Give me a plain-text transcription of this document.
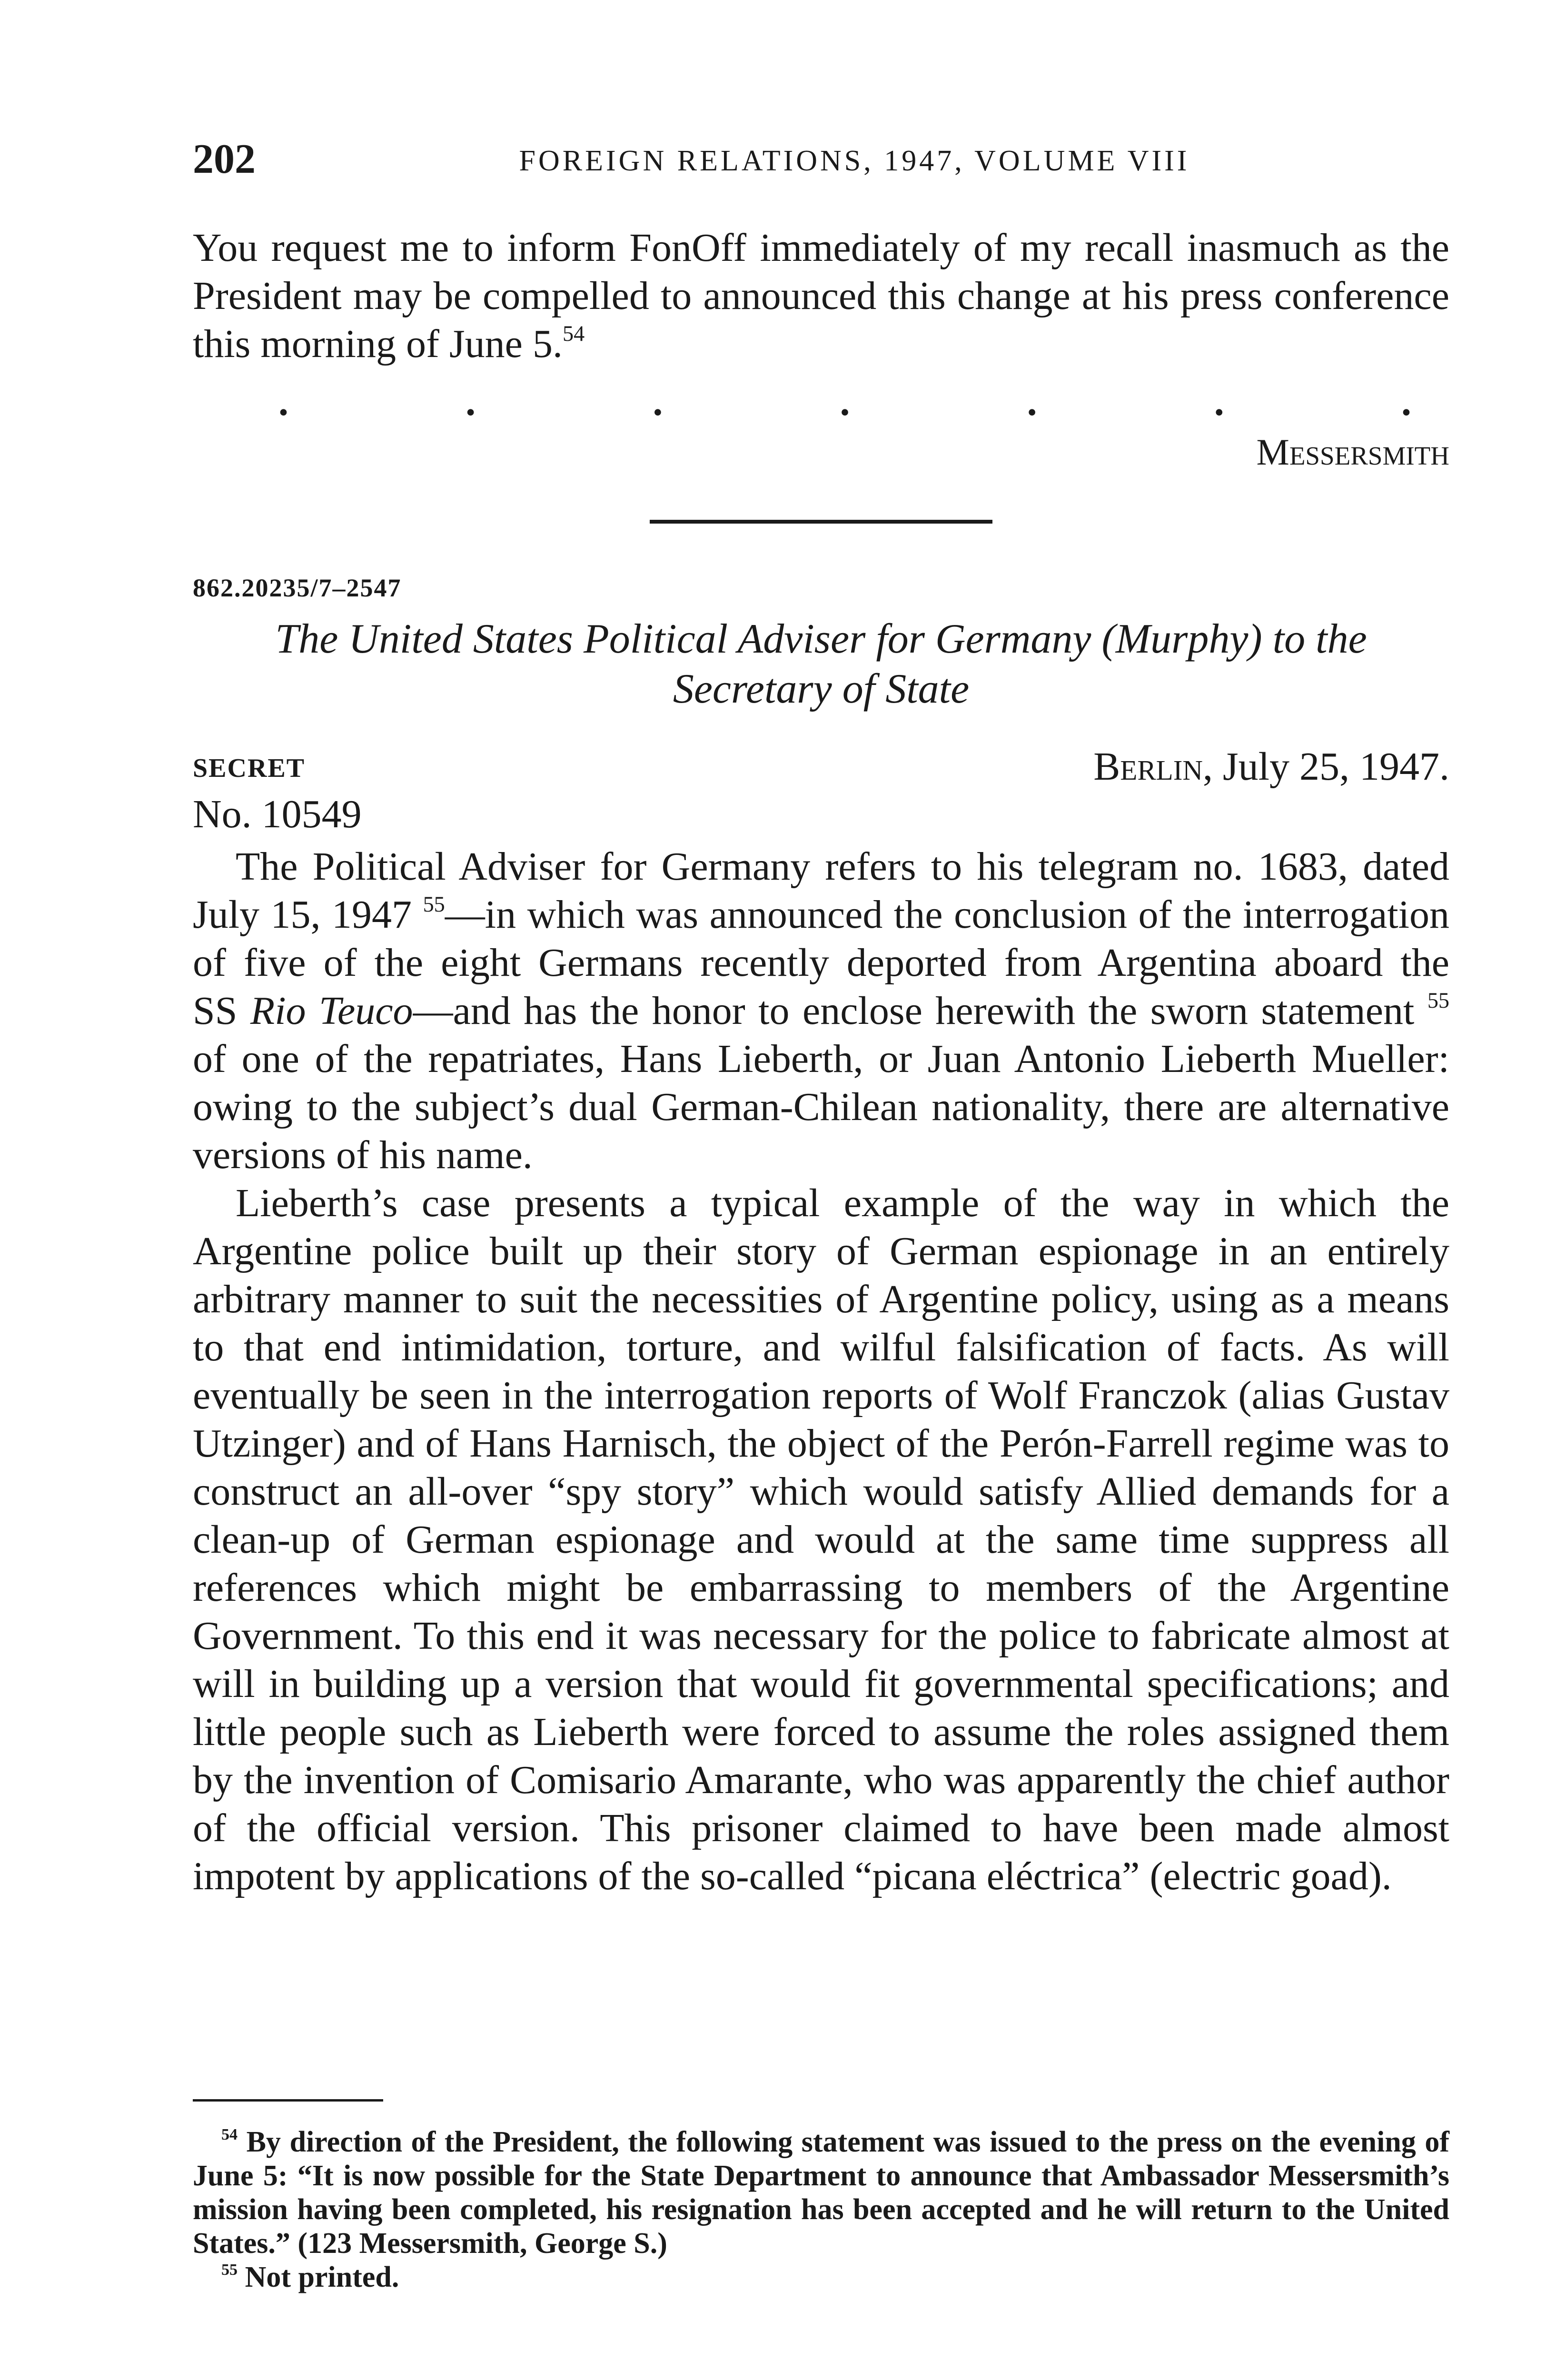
202	FOREIGN RELATIONS, 1947, VOLUME VIII
You request me to inform FonOff immediately of my recall inasmuch as the President may be compelled to announced this change at his press conference this morning of June 5.54
.	.	.	.	.	.	.
Messersmith
862.20235/7–2547
The United States Political Adviser for Germany (Murphy) to the Secretary of State
SECRET	Berlin, July 25, 1947.
No. 10549

The Political Adviser for Germany refers to his telegram no. 1683, dated July 15, 1947 $^{55}$—in which was announced the conclusion of the interrogation of five of the eight Germans recently deported from Argentina aboard the SS Rio Teuco—and has the honor to enclose herewith the sworn statement $^{55}$ of one of the repatriates, Hans Lieberth, or Juan Antonio Lieberth Mueller: owing to the subject’s dual German-Chilean nationality, there are alternative versions of his name.

Lieberth’s case presents a typical example of the way in which the Argentine police built up their story of German espionage in an entirely arbitrary manner to suit the necessities of Argentine policy, using as a means to that end intimidation, torture, and wilful falsification of facts. As will eventually be seen in the interrogation reports of Wolf Franczok (alias Gustav Utzinger) and of Hans Harnisch, the object of the Perón-Farrell regime was to construct an all-over “spy story” which would satisfy Allied demands for a clean-up of German espionage and would at the same time suppress all references which might be embarrassing to members of the Argentine Government. To this end it was necessary for the police to fabricate almost at will in building up a version that would fit governmental specifications; and little people such as Lieberth were forced to assume the roles assigned them by the invention of Comisario Amarante, who was apparently the chief author of the official version. This prisoner claimed to have been made almost impotent by applications of the so-called “picana eléctrica” (electric goad).

$^{54}$ By direction of the President, the following statement was issued to the press on the evening of June 5: “It is now possible for the State Department to announce that Ambassador Messersmith’s mission having been completed, his resignation has been accepted and he will return to the United States.” (123 Messersmith, George S.)

$^{55}$ Not printed.
